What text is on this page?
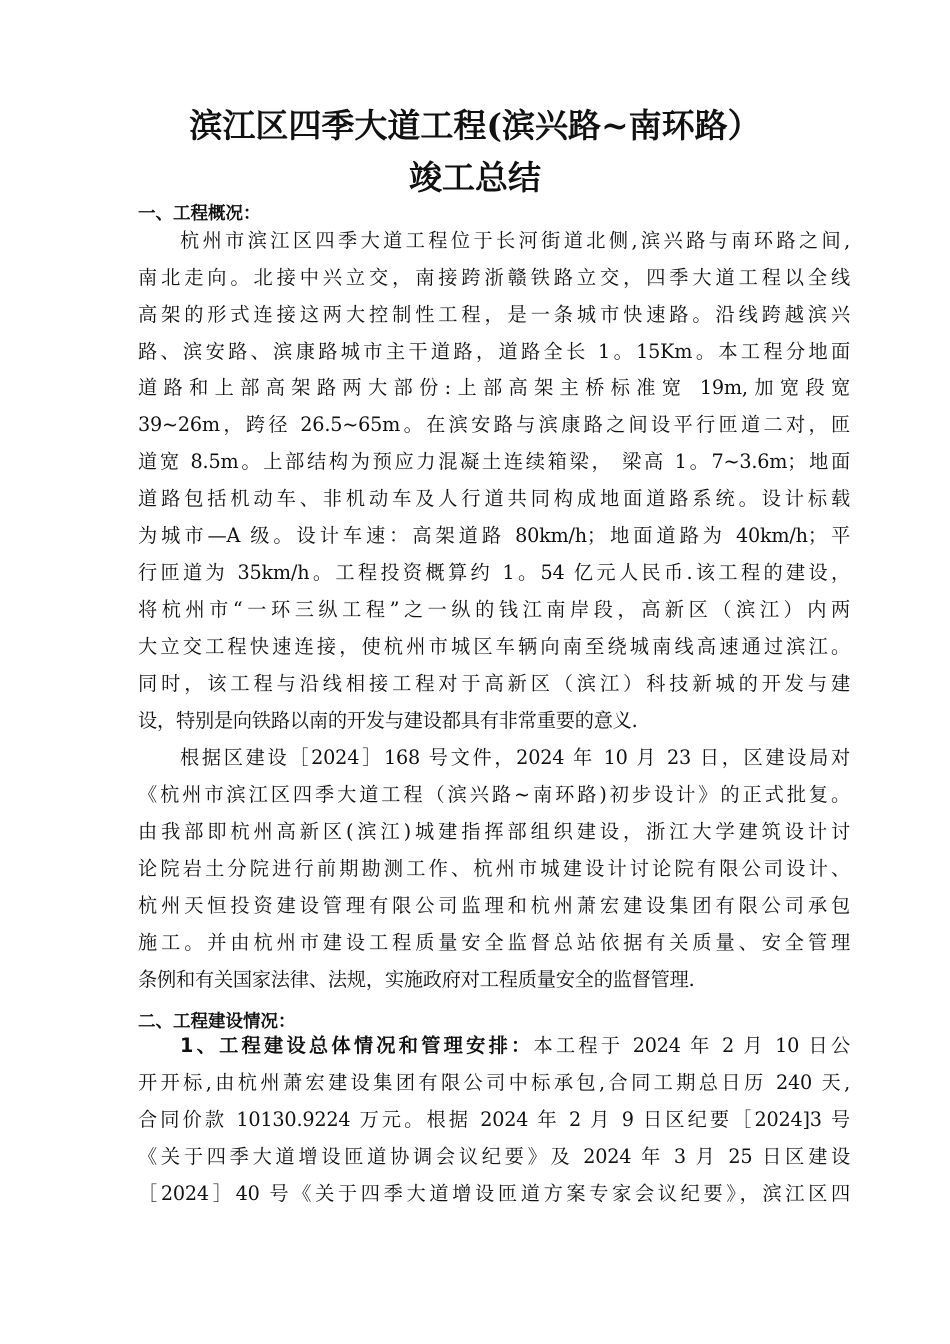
滨江区四季大道工程(滨兴路~南环路）
竣工总结
一、工程概况：
杭州市滨江区四季大道工程位于长河街道北侧,滨兴路与南环路之间,
南北走向。北接中兴立交，南接跨浙赣铁路立交，四季大道工程以全线
高架的形式连接这两大控制性工程，是一条城市快速路。沿线跨越滨兴
路、滨安路、滨康路城市主干道路，道路全长 1。15Km。本工程分地面
道路和上部高架路两大部份:上部高架主桥标准宽 19m,加宽段宽
39~26m，跨径 26.5~65m。在滨安路与滨康路之间设平行匝道二对，匝
道宽 8.5m。上部结构为预应力混凝土连续箱梁， 梁高 1。7~3.6m；地面
道路包括机动车、非机动车及人行道共同构成地面道路系统。设计标载
为城市—A 级。设计车速：高架道路 80km/h；地面道路为 40km/h；平
行匝道为 35km/h。工程投资概算约 1。54 亿元人民币.该工程的建设，
将杭州市“一环三纵工程”之一纵的钱江南岸段，高新区（滨江）内两
大立交工程快速连接，使杭州市城区车辆向南至绕城南线高速通过滨江。
同时，该工程与沿线相接工程对于高新区（滨江）科技新城的开发与建
设，特别是向铁路以南的开发与建设都具有非常重要的意义.
根据区建设［2024］168 号文件，2024 年 10 月 23 日，区建设局对
《杭州市滨江区四季大道工程（滨兴路~南环路)初步设计》的正式批复。
由我部即杭州高新区(滨江)城建指挥部组织建设，浙江大学建筑设计讨
论院岩土分院进行前期勘测工作、杭州市城建设计讨论院有限公司设计、
杭州天恒投资建设管理有限公司监理和杭州萧宏建设集团有限公司承包
施工。并由杭州市建设工程质量安全监督总站依据有关质量、安全管理
条例和有关国家法律、法规，实施政府对工程质量安全的监督管理.
二、工程建设情况：
1、工程建设总体情况和管理安排：本工程于 2024 年 2 月 10 日公
开开标,由杭州萧宏建设集团有限公司中标承包,合同工期总日历 240 天,
合同价款 10130.9224 万元。根据 2024 年 2 月 9 日区纪要［2024]3 号
《关于四季大道增设匝道协调会议纪要》及 2024 年 3 月 25 日区建设
［2024］40 号《关于四季大道增设匝道方案专家会议纪要》，滨江区四
